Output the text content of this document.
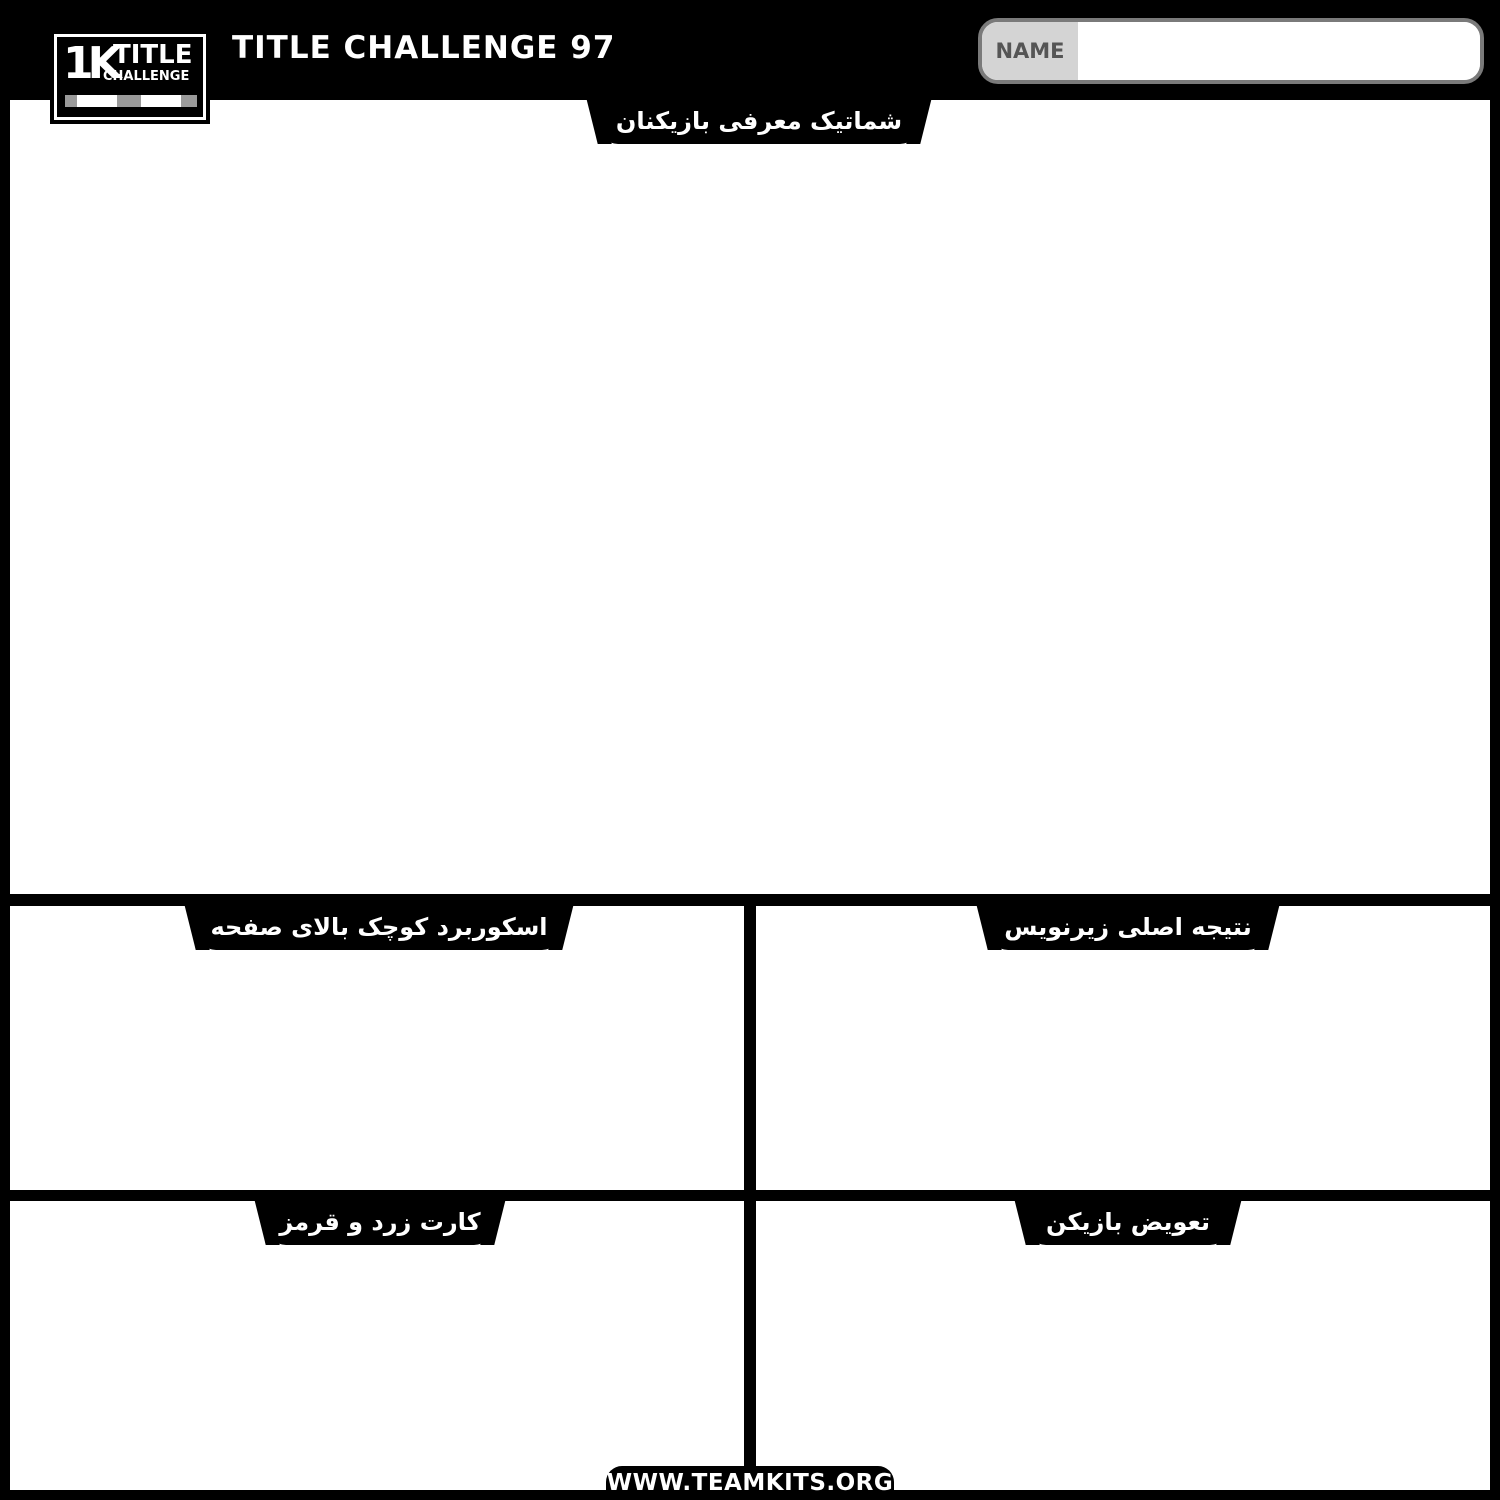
TITLE CHALLENGE 97	NAME
1K
TITLE
CHALLENGE
شماتیک معرفی بازیکنان
اسکوربرد کوچک بالای صفحه	نتیجه اصلی زیرنویس
کارت زرد و قرمز	تعویض بازیکن
WWW.TEAMKITS.ORG
